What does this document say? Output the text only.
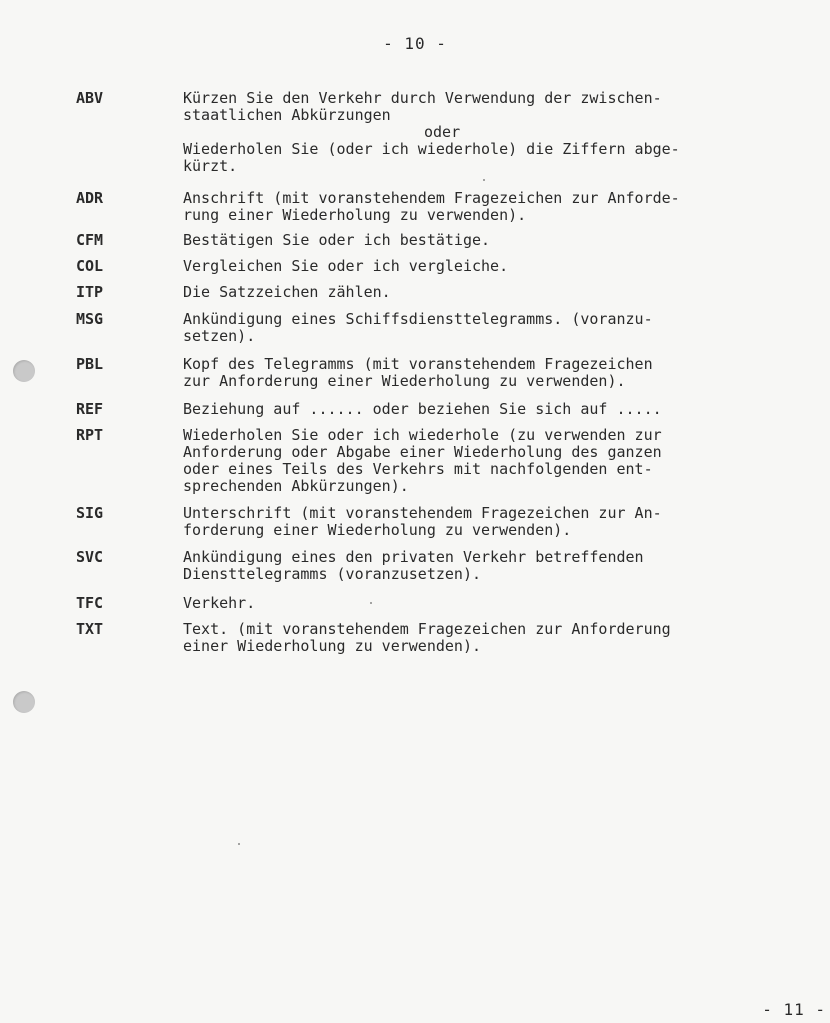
- 10 -
ABV	Kürzen Sie den Verkehr durch Verwendung der zwischen-
staatlichen Abkürzungen
oder
Wiederholen Sie (oder ich wiederhole) die Ziffern abge-
kürzt.
ADR	Anschrift (mit voranstehendem Fragezeichen zur Anforde-
rung einer Wiederholung zu verwenden).
CFM	Bestätigen Sie oder ich bestätige.
COL	Vergleichen Sie oder ich vergleiche.
ITP	Die Satzzeichen zählen.
MSG	Ankündigung eines Schiffsdiensttelegramms. (voranzu-
setzen).
PBL	Kopf des Telegramms (mit voranstehendem Fragezeichen
zur Anforderung einer Wiederholung zu verwenden).
REF	Beziehung auf ...... oder beziehen Sie sich auf .....
RPT	Wiederholen Sie oder ich wiederhole (zu verwenden zur
Anforderung oder Abgabe einer Wiederholung des ganzen
oder eines Teils des Verkehrs mit nachfolgenden ent-
sprechenden Abkürzungen).
SIG	Unterschrift (mit voranstehendem Fragezeichen zur An-
forderung einer Wiederholung zu verwenden).
SVC	Ankündigung eines den privaten Verkehr betreffenden
Diensttelegramms (voranzusetzen).
TFC	Verkehr.
TXT	Text. (mit voranstehendem Fragezeichen zur Anforderung
einer Wiederholung zu verwenden).
- 11 -
